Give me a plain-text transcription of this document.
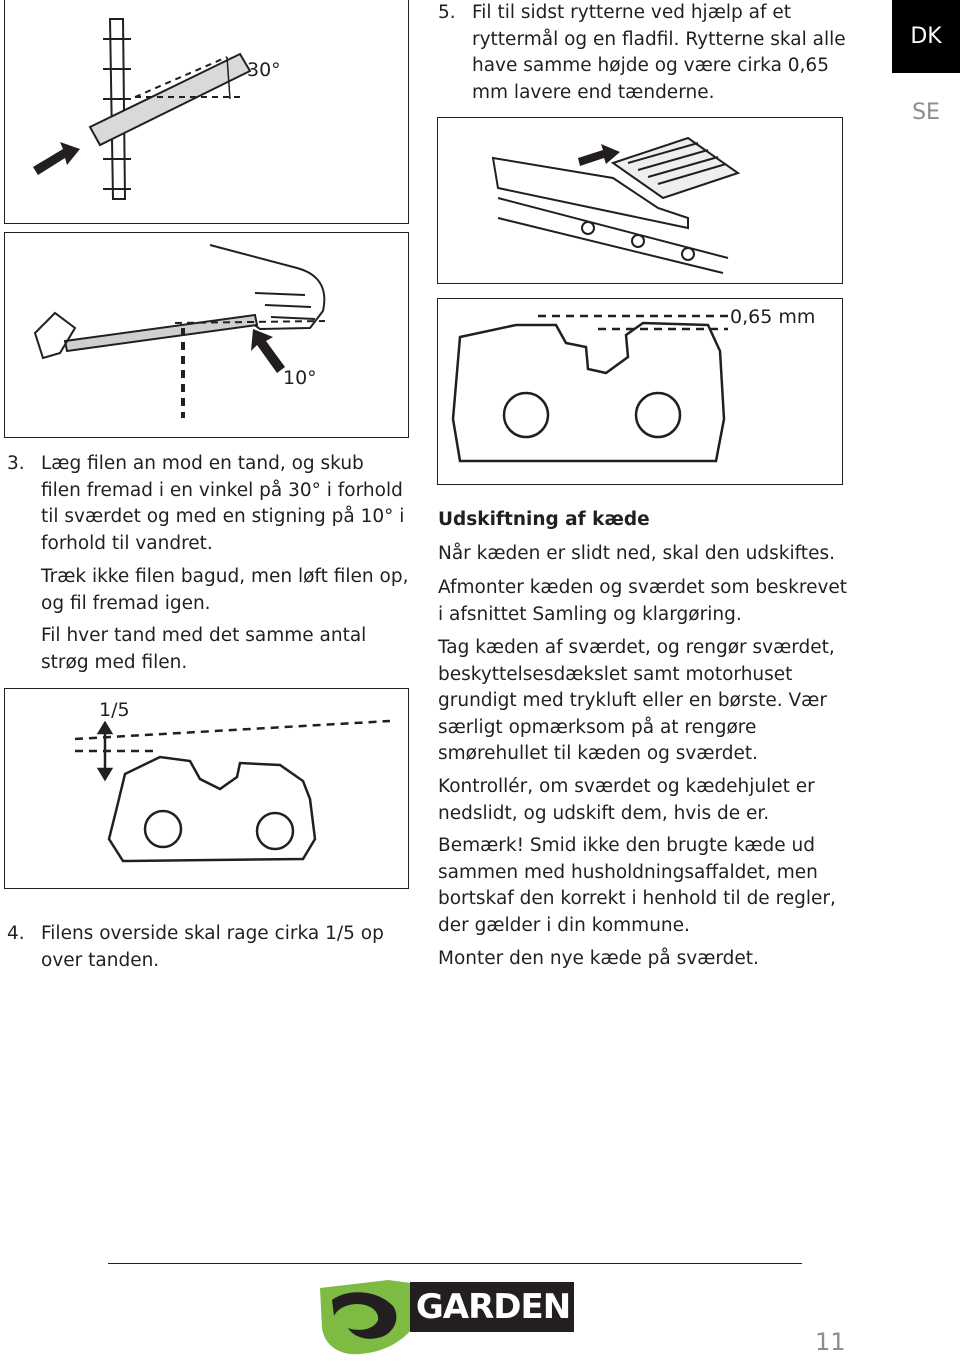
DK
SE
30°
10°
3. Læg filen an mod en tand, og skub filen fremad i en vinkel på 30° i forhold til sværdet og med en stigning på 10° i forhold til vandret.
Træk ikke filen bagud, men løft filen op, og fil fremad igen.
Fil hver tand med det samme antal strøg med filen.
1/5
4. Filens overside skal rage cirka 1/5 op over tanden.
5. Fil til sidst rytterne ved hjælp af et ryttermål og en fladfil. Rytterne skal alle have samme højde og være cirka 0,65 mm lavere end tænderne.
0,65 mm
Udskiftning af kæde
Når kæden er slidt ned, skal den udskiftes.
Afmonter kæden og sværdet som beskrevet i afsnittet Samling og klargøring.
Tag kæden af sværdet, og rengør sværdet, beskyttelsesdækslet samt motorhuset grundigt med trykluft eller en børste. Vær særligt opmærksom på at rengøre smørehullet til kæden og sværdet.
Kontrollér, om sværdet og kædehjulet er nedslidt, og udskift dem, hvis de er.
Bemærk! Smid ikke den brugte kæde ud sammen med husholdningsaffaldet, men bortskaf den korrekt i henhold til de regler, der gælder i din kommune.
Monter den nye kæde på sværdet.
GARDEN
11
